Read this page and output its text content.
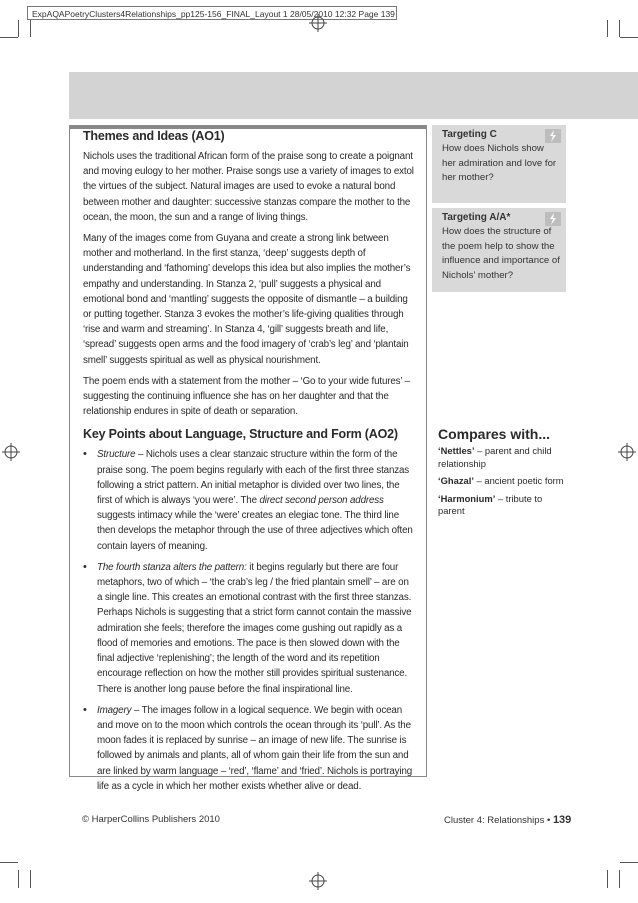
ExpAQAPoetryClusters4Relationships_pp125-156_FINAL_Layout 1 28/05/2010 12:32 Page 139
Themes and Ideas (AO1)

Nichols uses the traditional African form of the praise song to create a poignant and moving eulogy to her mother. Praise songs use a variety of images to extol the virtues of the subject. Natural images are used to evoke a natural bond between mother and daughter: successive stanzas compare the mother to the ocean, the moon, the sun and a range of living things.

Many of the images come from Guyana and create a strong link between mother and motherland. In the first stanza, ‘deep’ suggests depth of understanding and ‘fathoming’ develops this idea but also implies the mother’s empathy and understanding. In Stanza 2, ‘pull’ suggests a physical and emotional bond and ‘mantling’ suggests the opposite of dismantle – a building or putting together. Stanza 3 evokes the mother’s life-giving qualities through ‘rise and warm and streaming’. In Stanza 4, ‘gill’ suggests breath and life, ‘spread’ suggests open arms and the food imagery of ‘crab’s leg’ and ‘plantain smell’ suggests spiritual as well as physical nourishment.

The poem ends with a statement from the mother – ‘Go to your wide futures’ – suggesting the continuing influence she has on her daughter and that the relationship endures in spite of death or separation.

Key Points about Language, Structure and Form (AO2)
• Structure – Nichols uses a clear stanzaic structure within the form of the praise song. The poem begins regularly with each of the first three stanzas following a strict pattern. An initial metaphor is divided over two lines, the first of which is always ‘you were’. The direct second person address suggests intimacy while the ‘were’ creates an elegiac tone. The third line then develops the metaphor through the use of three adjectives which often contain layers of meaning.
• The fourth stanza alters the pattern: it begins regularly but there are four metaphors, two of which – ‘the crab’s leg / the fried plantain smell’ – are on a single line. This creates an emotional contrast with the first three stanzas. Perhaps Nichols is suggesting that a strict form cannot contain the massive admiration she feels; therefore the images come gushing out rapidly as a flood of memories and emotions. The pace is then slowed down with the final adjective ‘replenishing’; the length of the word and its repetition encourage reflection on how the mother still provides spiritual sustenance. There is another long pause before the final inspirational line.
• Imagery – The images follow in a logical sequence. We begin with ocean and move on to the moon which controls the ocean through its ‘pull’. As the moon fades it is replaced by sunrise – an image of new life. The sunrise is followed by animals and plants, all of whom gain their life from the sun and are linked by warm language – ‘red’, ‘flame’ and ‘fried’. Nichols is portraying life as a cycle in which her mother exists whether alive or dead.
Targeting C
How does Nichols show her admiration and love for her mother?
Targeting A/A*
How does the structure of the poem help to show the influence and importance of Nichols’ mother?
Compares with...
‘Nettles’ – parent and child relationship
‘Ghazal’ – ancient poetic form
‘Harmonium’ – tribute to parent
© HarperCollins Publishers 2010	Cluster 4: Relationships • 139
